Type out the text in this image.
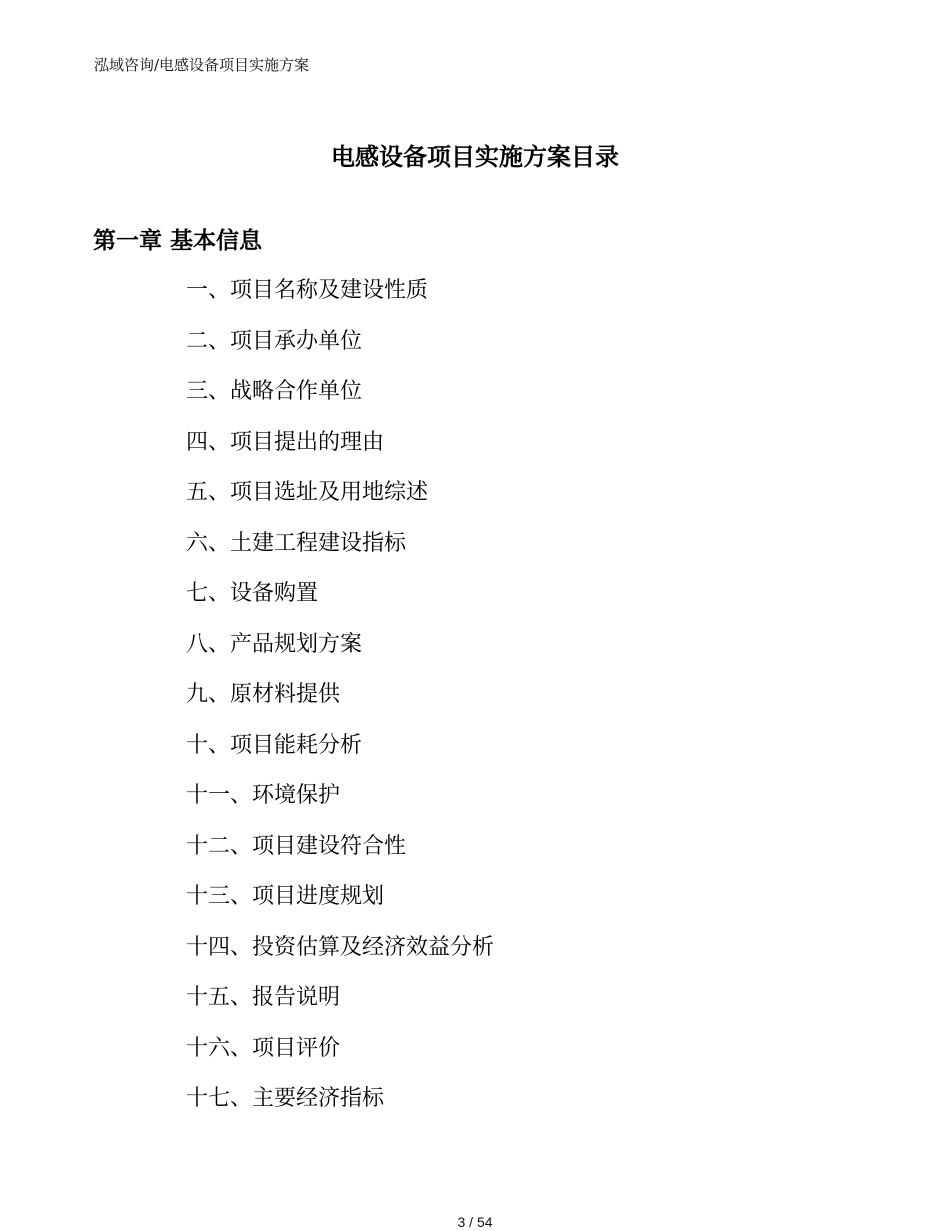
泓域咨询/电感设备项目实施方案
电感设备项目实施方案目录
第一章 基本信息
一、项目名称及建设性质
二、项目承办单位
三、战略合作单位
四、项目提出的理由
五、项目选址及用地综述
六、土建工程建设指标
七、设备购置
八、产品规划方案
九、原材料提供
十、项目能耗分析
十一、环境保护
十二、项目建设符合性
十三、项目进度规划
十四、投资估算及经济效益分析
十五、报告说明
十六、项目评价
十七、主要经济指标
3 / 54
